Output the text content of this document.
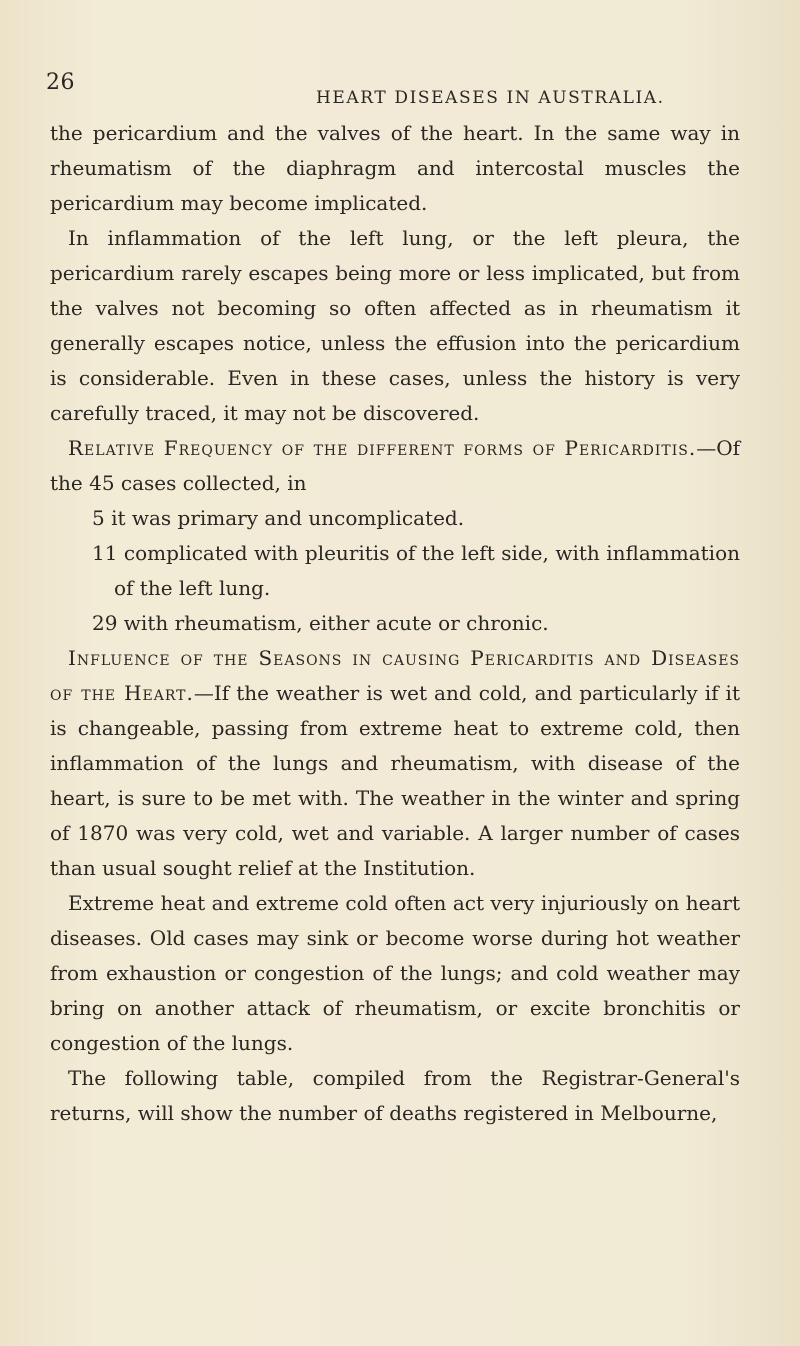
26
HEART DISEASES IN AUSTRALIA.

the pericardium and the valves of the heart. In the same way in rheumatism of the diaphragm and intercostal muscles the pericardium may become implicated.

In inflammation of the left lung, or the left pleura, the pericardium rarely escapes being more or less implicated, but from the valves not becoming so often affected as in rheumatism it generally escapes notice, unless the effusion into the pericardium is considerable. Even in these cases, unless the history is very carefully traced, it may not be discovered.

Relative Frequency of the different forms of Pericarditis.—Of the 45 cases collected, in

5 it was primary and uncomplicated.

11 complicated with pleuritis of the left side, with inflammation of the left lung.

29 with rheumatism, either acute or chronic.

Influence of the Seasons in causing Pericarditis and Diseases of the Heart.—If the weather is wet and cold, and particularly if it is changeable, passing from extreme heat to extreme cold, then inflammation of the lungs and rheumatism, with disease of the heart, is sure to be met with. The weather in the winter and spring of 1870 was very cold, wet and variable. A larger number of cases than usual sought relief at the Institution.

Extreme heat and extreme cold often act very injuriously on heart diseases. Old cases may sink or become worse during hot weather from exhaustion or congestion of the lungs; and cold weather may bring on another attack of rheumatism, or excite bronchitis or congestion of the lungs.

The following table, compiled from the Registrar-General's returns, will show the number of deaths registered in Melbourne,
